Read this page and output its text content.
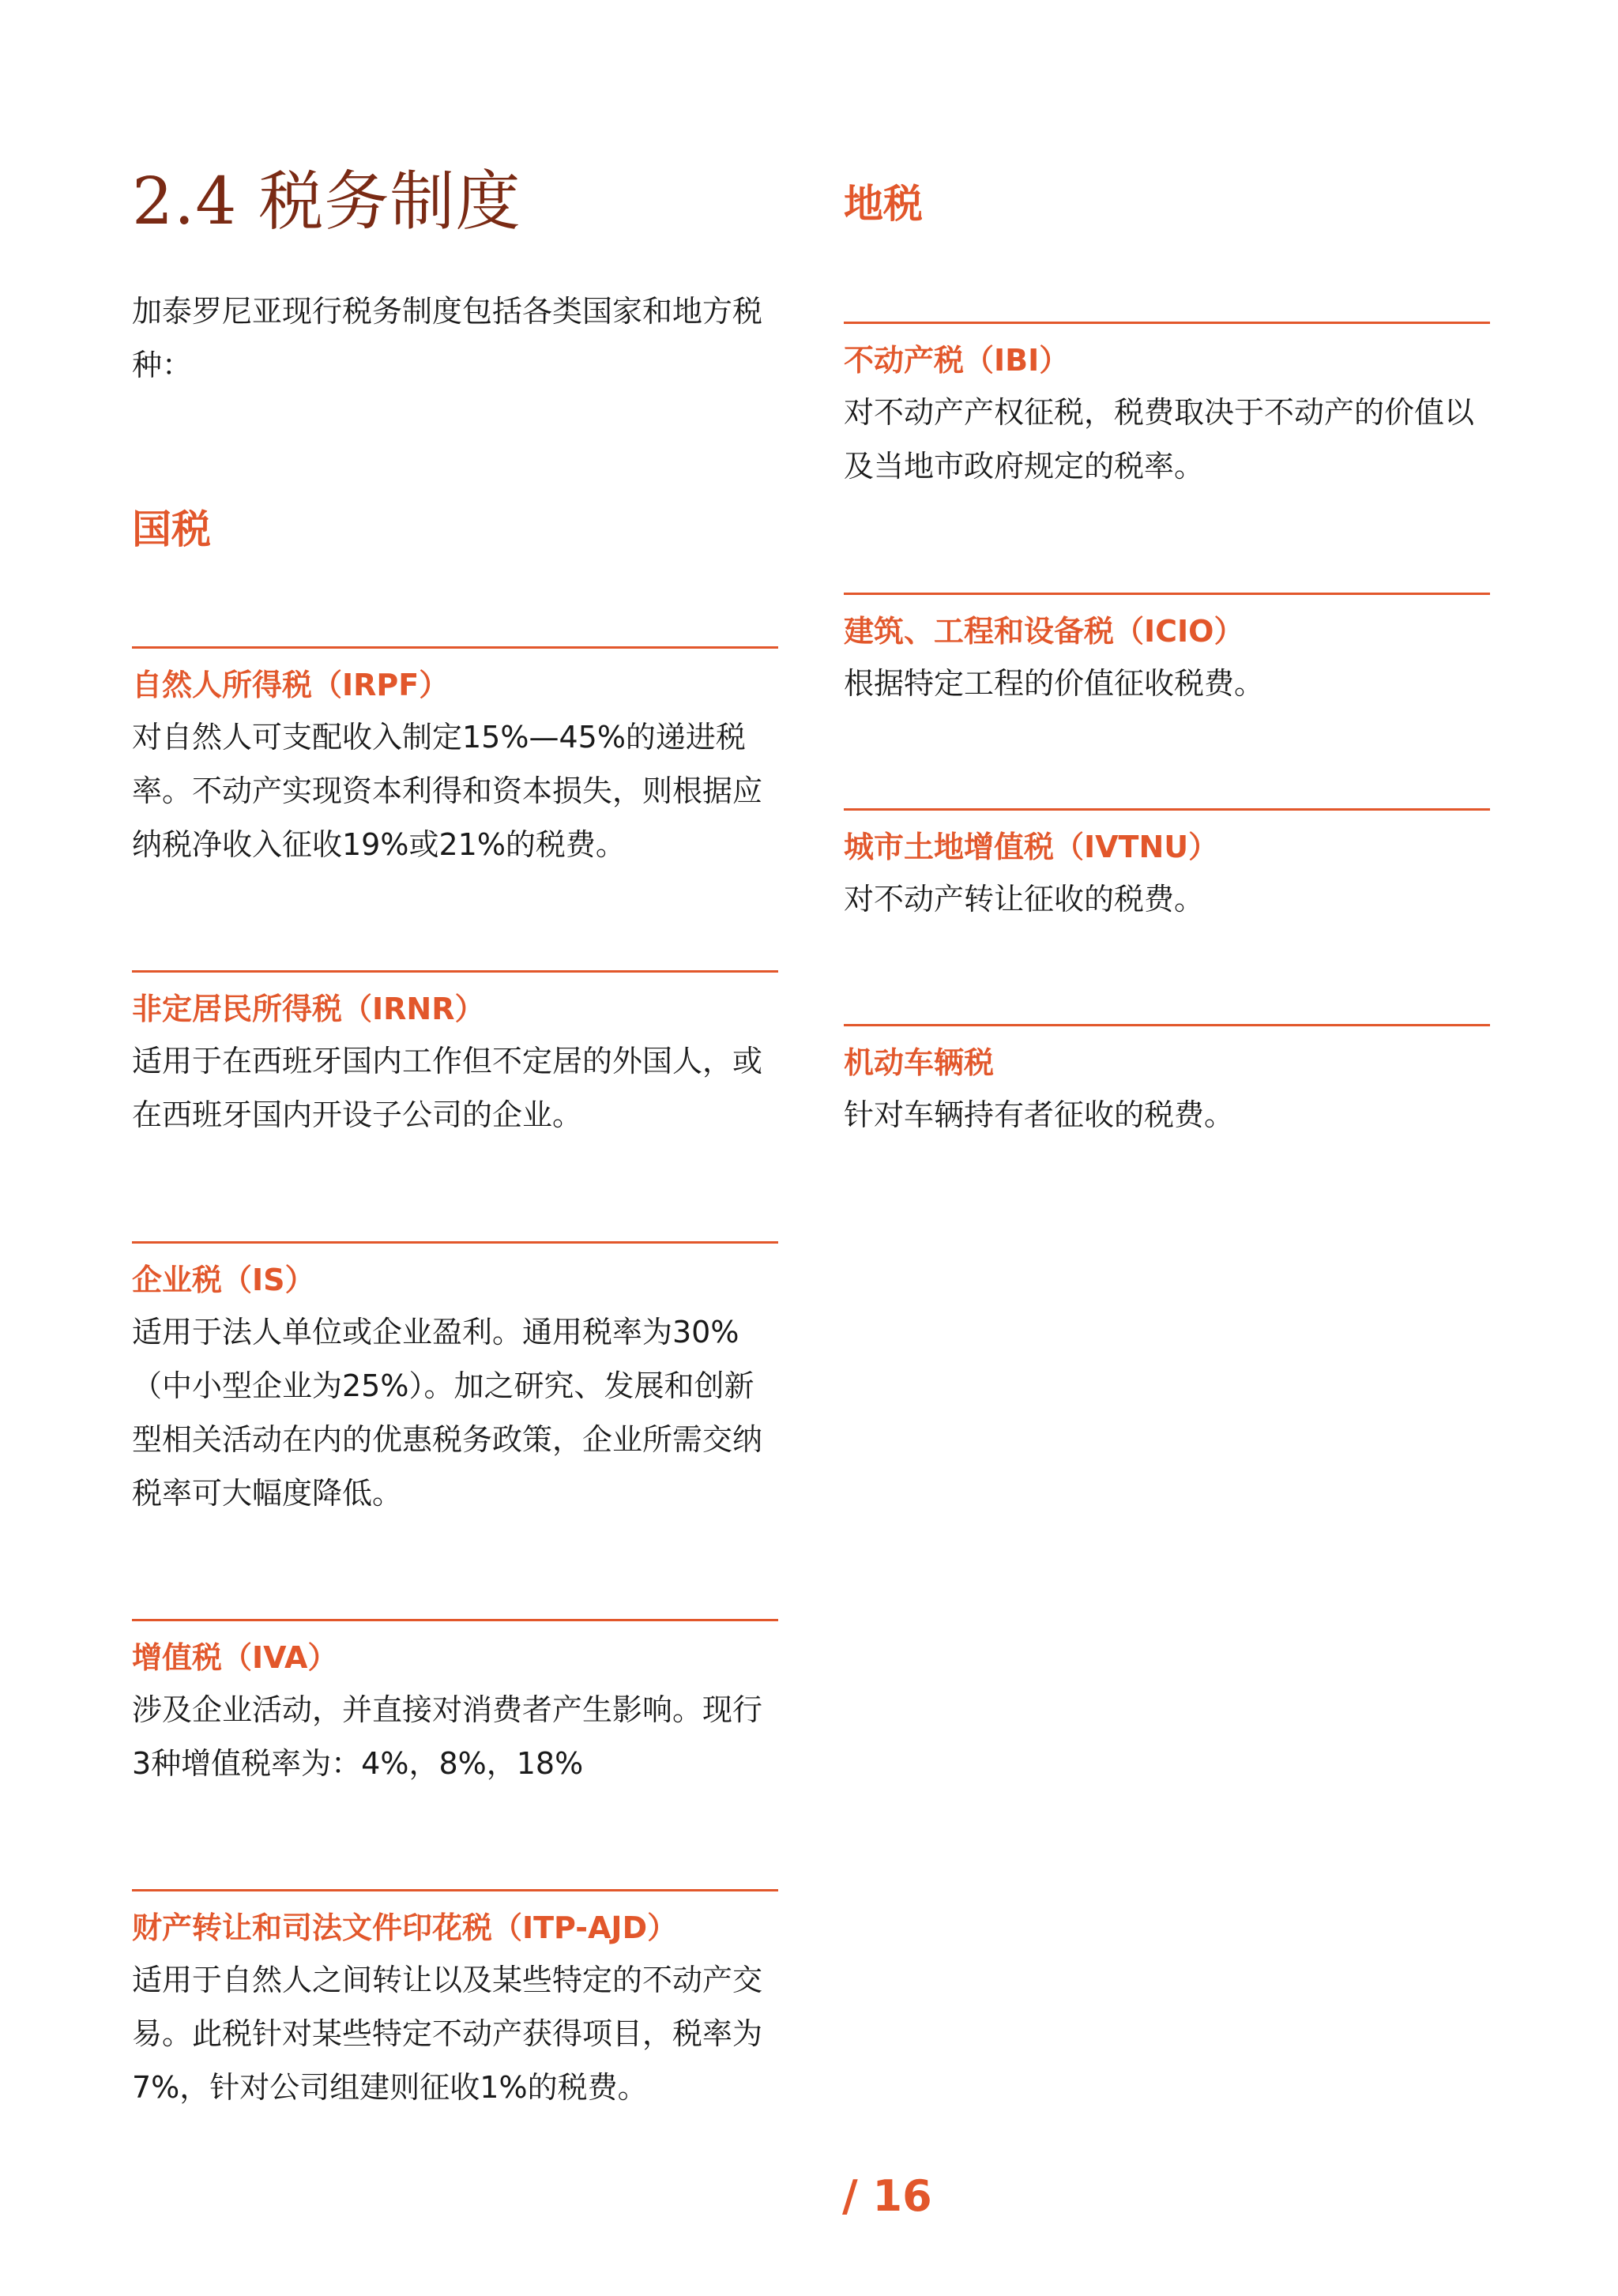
2.4 税务制度

加泰罗尼亚现行税务制度包括各类国家和地方税种：

国税
自然人所得税（IRPF）

对自然人可支配收入制定15%—45%的递进税率。不动产实现资本利得和资本损失，则根据应纳税净收入征收19%或21%的税费。

非定居民所得税（IRNR）

适用于在西班牙国内工作但不定居的外国人，或在西班牙国内开设子公司的企业。

企业税（IS）

适用于法人单位或企业盈利。通用税率为30%（中小型企业为25%）。加之研究、发展和创新型相关活动在内的优惠税务政策，企业所需交纳税率可大幅度降低。

增值税（IVA）

涉及企业活动，并直接对消费者产生影响。现行3种增值税率为：4%，8%，18%

财产转让和司法文件印花税（ITP-AJD）

适用于自然人之间转让以及某些特定的不动产交易。此税针对某些特定不动产获得项目，税率为7%，针对公司组建则征收1%的税费。

地税
不动产税（IBI）

对不动产产权征税，税费取决于不动产的价值以及当地市政府规定的税率。

建筑、工程和设备税（ICIO）

根据特定工程的价值征收税费。

城市土地增值税（IVTNU）

对不动产转让征收的税费。

机动车辆税

针对车辆持有者征收的税费。

/ 16
